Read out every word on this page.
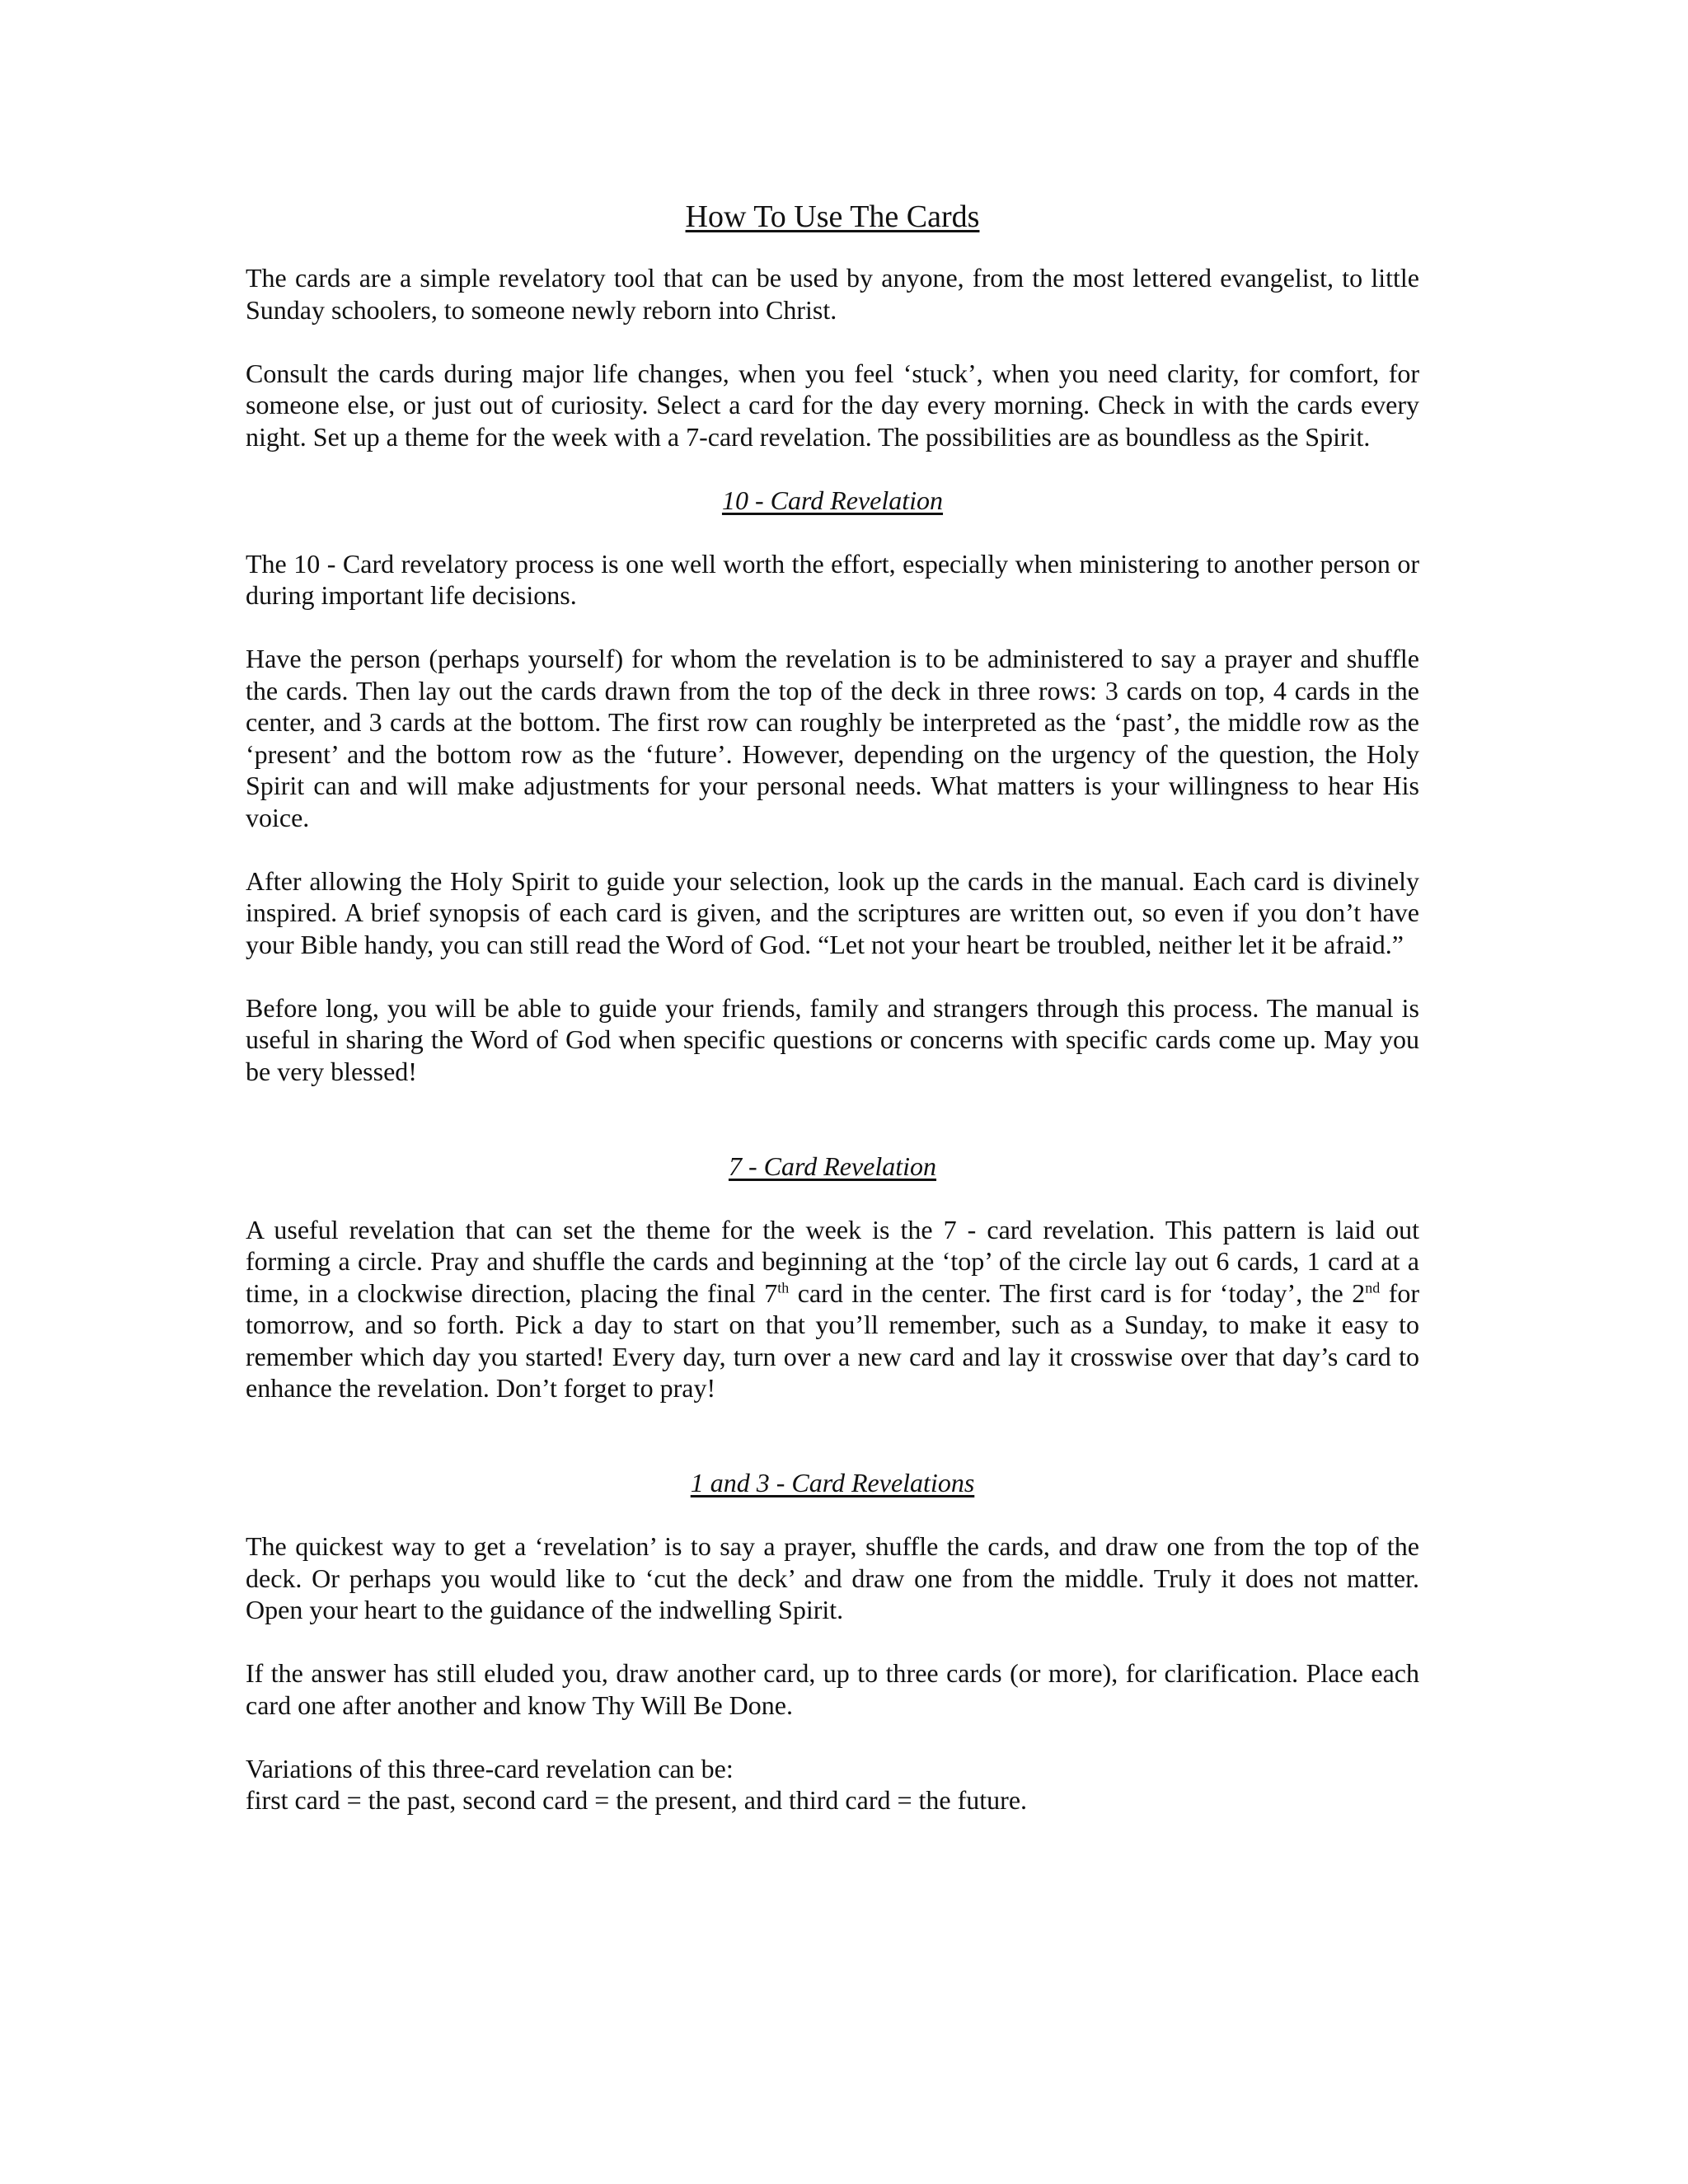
How To Use The Cards

The cards are a simple revelatory tool that can be used by anyone, from the most lettered evangelist, to little Sunday schoolers, to someone newly reborn into Christ.

Consult the cards during major life changes, when you feel ‘stuck’, when you need clarity, for comfort, for someone else, or just out of curiosity. Select a card for the day every morning. Check in with the cards every night. Set up a theme for the week with a 7-card revelation. The possibilities are as boundless as the Spirit.

10 - Card Revelation

The 10 - Card revelatory process is one well worth the effort, especially when ministering to another person or during important life decisions.

Have the person (perhaps yourself) for whom the revelation is to be administered to say a prayer and shuffle the cards. Then lay out the cards drawn from the top of the deck in three rows: 3 cards on top, 4 cards in the center, and 3 cards at the bottom. The first row can roughly be interpreted as the ‘past’, the middle row as the ‘present’ and the bottom row as the ‘future’. However, depending on the urgency of the question, the Holy Spirit can and will make adjustments for your personal needs. What matters is your willingness to hear His voice.

After allowing the Holy Spirit to guide your selection, look up the cards in the manual. Each card is divinely inspired. A brief synopsis of each card is given, and the scriptures are written out, so even if you don’t have your Bible handy, you can still read the Word of God. “Let not your heart be troubled, neither let it be afraid.”

Before long, you will be able to guide your friends, family and strangers through this process. The manual is useful in sharing the Word of God when specific questions or concerns with specific cards come up. May you be very blessed!

7 - Card Revelation

A useful revelation that can set the theme for the week is the 7 - card revelation. This pattern is laid out forming a circle. Pray and shuffle the cards and beginning at the ‘top’ of the circle lay out 6 cards, 1 card at a time, in a clockwise direction, placing the final 7th card in the center. The first card is for ‘today’, the 2nd for tomorrow, and so forth. Pick a day to start on that you’ll remember, such as a Sunday, to make it easy to remember which day you started! Every day, turn over a new card and lay it crosswise over that day’s card to enhance the revelation. Don’t forget to pray!

1 and 3 - Card Revelations

The quickest way to get a ‘revelation’ is to say a prayer, shuffle the cards, and draw one from the top of the deck. Or perhaps you would like to ‘cut the deck’ and draw one from the middle. Truly it does not matter. Open your heart to the guidance of the indwelling Spirit.

If the answer has still eluded you, draw another card, up to three cards (or more), for clarification. Place each card one after another and know Thy Will Be Done.

Variations of this three-card revelation can be:
first card = the past, second card = the present, and third card = the future.
